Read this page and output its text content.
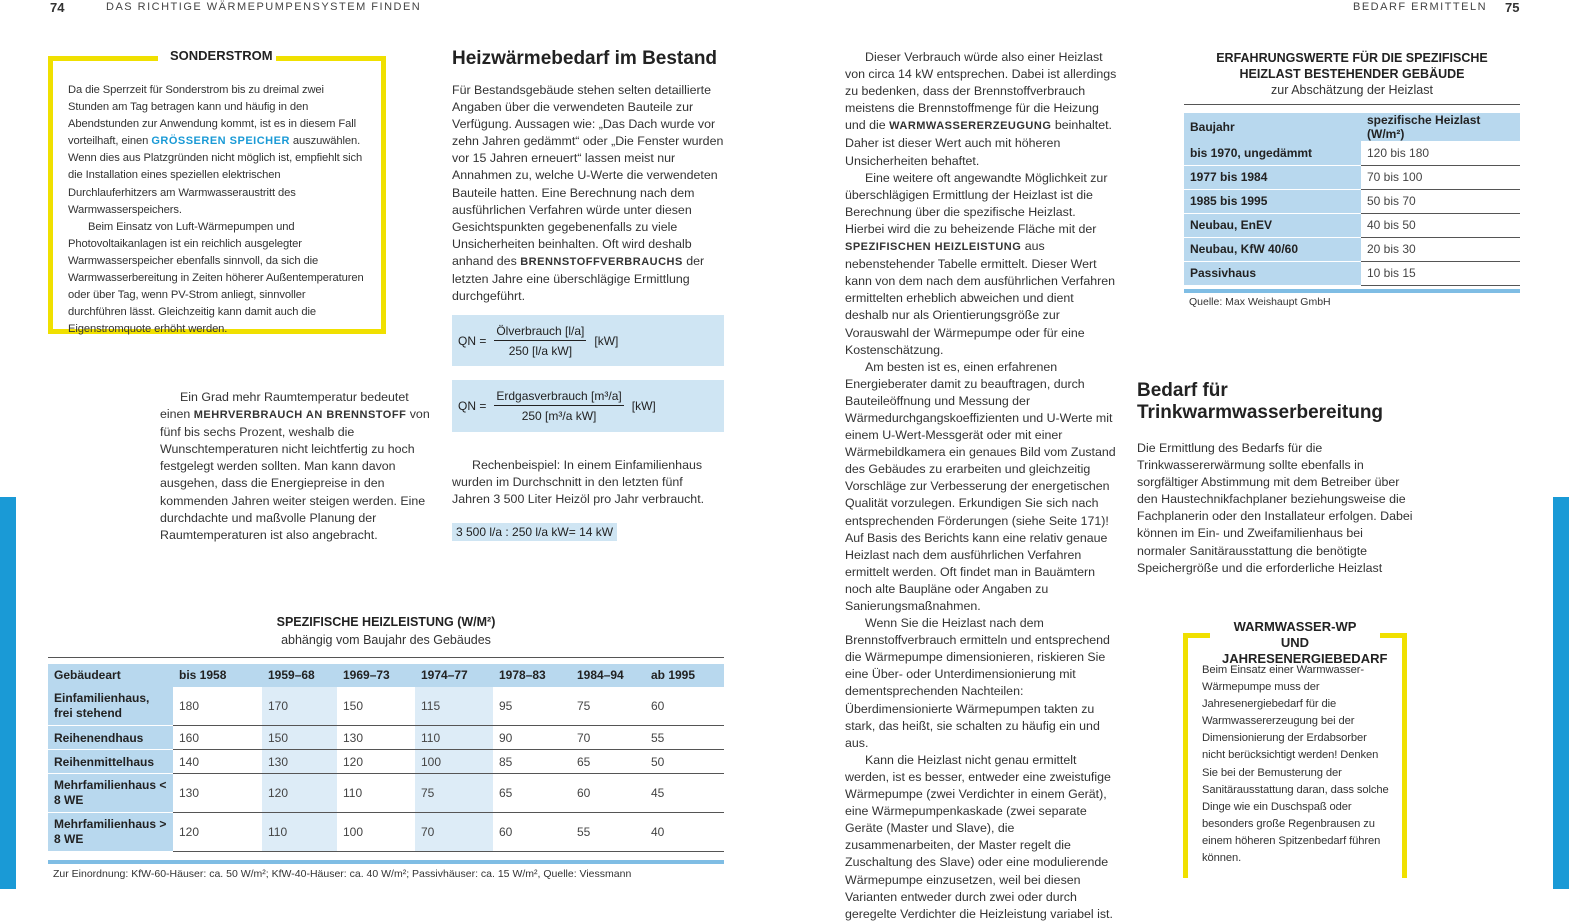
74	DAS RICHTIGE WÄRMEPUMPENSYSTEM FINDEN	BEDARF ERMITTELN 75
SONDERSTROM

Da die Sperrzeit für Sonderstrom bis zu dreimal zwei Stunden am Tag betragen kann und häufig in den Abendstunden zur Anwendung kommt, ist es in diesem Fall vorteilhaft, einen GRÖSSEREN SPEICHER auszuwählen. Wenn dies aus Platzgründen nicht möglich ist, empfiehlt sich die Installation eines speziellen elektrischen Durchlauferhitzers am Warmwasseraustritt des Warmwasserspeichers.

Beim Einsatz von Luft-Wärmepumpen und Photovoltaikanlagen ist ein reichlich ausgelegter Warmwasserspeicher ebenfalls sinnvoll, da sich die Warmwasserbereitung in Zeiten höherer Außentemperaturen oder über Tag, wenn PV-Strom anliegt, sinnvoller durchführen lässt. Gleichzeitig kann damit auch die Eigenstromquote erhöht werden.

Ein Grad mehr Raumtemperatur bedeutet einen MEHRVERBRAUCH AN BRENNSTOFF von fünf bis sechs Prozent, weshalb die Wunschtemperaturen nicht leichtfertig zu hoch festgelegt werden sollten. Man kann davon ausgehen, dass die Energiepreise in den kommenden Jahren weiter steigen werden. Eine durchdachte und maßvolle Planung der Raumtemperaturen ist also angebracht.

Heizwärmebedarf im Bestand

Für Bestandsgebäude stehen selten detaillierte Angaben über die verwendeten Bauteile zur Verfügung. Aussagen wie: „Das Dach wurde vor zehn Jahren gedämmt“ oder „Die Fenster wurden vor 15 Jahren erneuert“ lassen meist nur Annahmen zu, welche U-Werte die verwendeten Bauteile hatten. Eine Berechnung nach dem ausführlichen Verfahren würde unter diesen Gesichtspunkten gegebenenfalls zu viele Unsicherheiten beinhalten. Oft wird deshalb anhand des BRENNSTOFFVERBRAUCHS der letzten Jahre eine überschlägige Ermittlung durchgeführt.

QN = $\frac{\text{Ölverbrauch [l/a]}}{\text{250 [l/a kW]}} [kW]$
QN = $\frac{\text{Erdgasverbrauch [m³/a]}}{\text{250 [m³/a kW]}} [kW]$

Rechenbeispiel: In einem Einfamilienhaus wurden im Durchschnitt in den letzten fünf Jahren 3 500 Liter Heizöl pro Jahr verbraucht.

3 500 l/a : 250 l/a kW= 14 kW
SPEZIFISCHE HEIZLEISTUNG (W/M²)
abhängig vom Baujahr des Gebäudes
Gebäudeart	bis 1958	1959–68	1969–73	1974–77	1978–83	1984–94	ab 1995
Einfamilienhaus, frei stehend	180	170	150	115	95	75	60
Reihenendhaus	160	150	130	110	90	70	55
Reihenmittelhaus	140	130	120	100	85	65	50
Mehrfamilienhaus < 8 WE	130	120	110	75	65	60	45
Mehrfamilienhaus > 8 WE	120	110	100	70	60	55	40
Zur Einordnung: KfW-60-Häuser: ca. 50 W/m²; KfW-40-Häuser: ca. 40 W/m²; Passivhäuser: ca. 15 W/m², Quelle: Viessmann

Dieser Verbrauch würde also einer Heizlast von circa 14 kW entsprechen. Dabei ist allerdings zu bedenken, dass der Brennstoffverbrauch meistens die Brennstoffmenge für die Heizung und die WARMWASSERERZEUGUNG beinhaltet. Daher ist dieser Wert auch mit höheren Unsicherheiten behaftet.

Eine weitere oft angewandte Möglichkeit zur überschlägigen Ermittlung der Heizlast ist die Berechnung über die spezifische Heizlast. Hierbei wird die zu beheizende Fläche mit der SPEZIFISCHEN HEIZLEISTUNG aus nebenstehender Tabelle ermittelt. Dieser Wert kann von dem nach dem ausführlichen Verfahren ermittelten erheblich abweichen und dient deshalb nur als Orientierungsgröße zur Vorauswahl der Wärmepumpe oder für eine Kostenschätzung.

Am besten ist es, einen erfahrenen Energieberater damit zu beauftragen, durch Bauteileöffnung und Messung der Wärmedurchgangskoeffizienten und U-Werte mit einem U-Wert-Messgerät oder mit einer Wärmebildkamera ein genaues Bild vom Zustand des Gebäudes zu erarbeiten und gleichzeitig Vorschläge zur Verbesserung der energetischen Qualität vorzulegen. Erkundigen Sie sich nach entsprechenden Förderungen (siehe Seite 171)! Auf Basis des Berichts kann eine relativ genaue Heizlast nach dem ausführlichen Verfahren ermittelt werden. Oft findet man in Bauämtern noch alte Baupläne oder Angaben zu Sanierungsmaßnahmen.

Wenn Sie die Heizlast nach dem Brennstoffverbrauch ermitteln und entsprechend die Wärmepumpe dimensionieren, riskieren Sie eine Über- oder Unterdimensionierung mit dementsprechenden Nachteilen: Überdimensionierte Wärmepumpen takten zu stark, das heißt, sie schalten zu häufig ein und aus.

Kann die Heizlast nicht genau ermittelt werden, ist es besser, entweder eine zweistufige Wärmepumpe (zwei Verdichter in einem Gerät), eine Wärmepumpenkaskade (zwei separate Geräte (Master und Slave), die zusammenarbeiten, der Master regelt die Zuschaltung des Slave) oder eine modulierende Wärmepumpe einzusetzen, weil bei diesen Varianten entweder durch zwei oder durch geregelte Verdichter die Heizleistung variabel ist.

ERFAHRUNGSWERTE FÜR DIE SPEZIFISCHE HEIZLAST BESTEHENDER GEBÄUDE
zur Abschätzung der Heizlast
Baujahr	spezifische Heizlast (W/m²)
bis 1970, ungedämmt	120 bis 180
1977 bis 1984	70 bis 100
1985 bis 1995	50 bis 70
Neubau, EnEV	40 bis 50
Neubau, KfW 40/60	20 bis 30
Passivhaus	10 bis 15
Quelle: Max Weishaupt GmbH
Bedarf für Trinkwarmwasserbereitung

Die Ermittlung des Bedarfs für die Trinkwassererwärmung sollte ebenfalls in sorgfältiger Abstimmung mit dem Betreiber über den Haustechnikfachplaner beziehungsweise die Fachplanerin oder den Installateur erfolgen. Dabei können im Ein- und Zweifamilienhaus bei normaler Sanitärausstattung die benötigte Speichergröße und die erforderliche Heizlast

WARMWASSER-WP UND JAHRESENERGIEBEDARF

Beim Einsatz einer Warmwasser-Wärmepumpe muss der Jahresenergiebedarf für die Warmwassererzeugung bei der Dimensionierung der Erdabsorber nicht berücksichtigt werden! Denken Sie bei der Bemusterung der Sanitärausstattung daran, dass solche Dinge wie ein Duschspaß oder besonders große Regenbrausen zu einem höheren Spitzenbedarf führen können.
